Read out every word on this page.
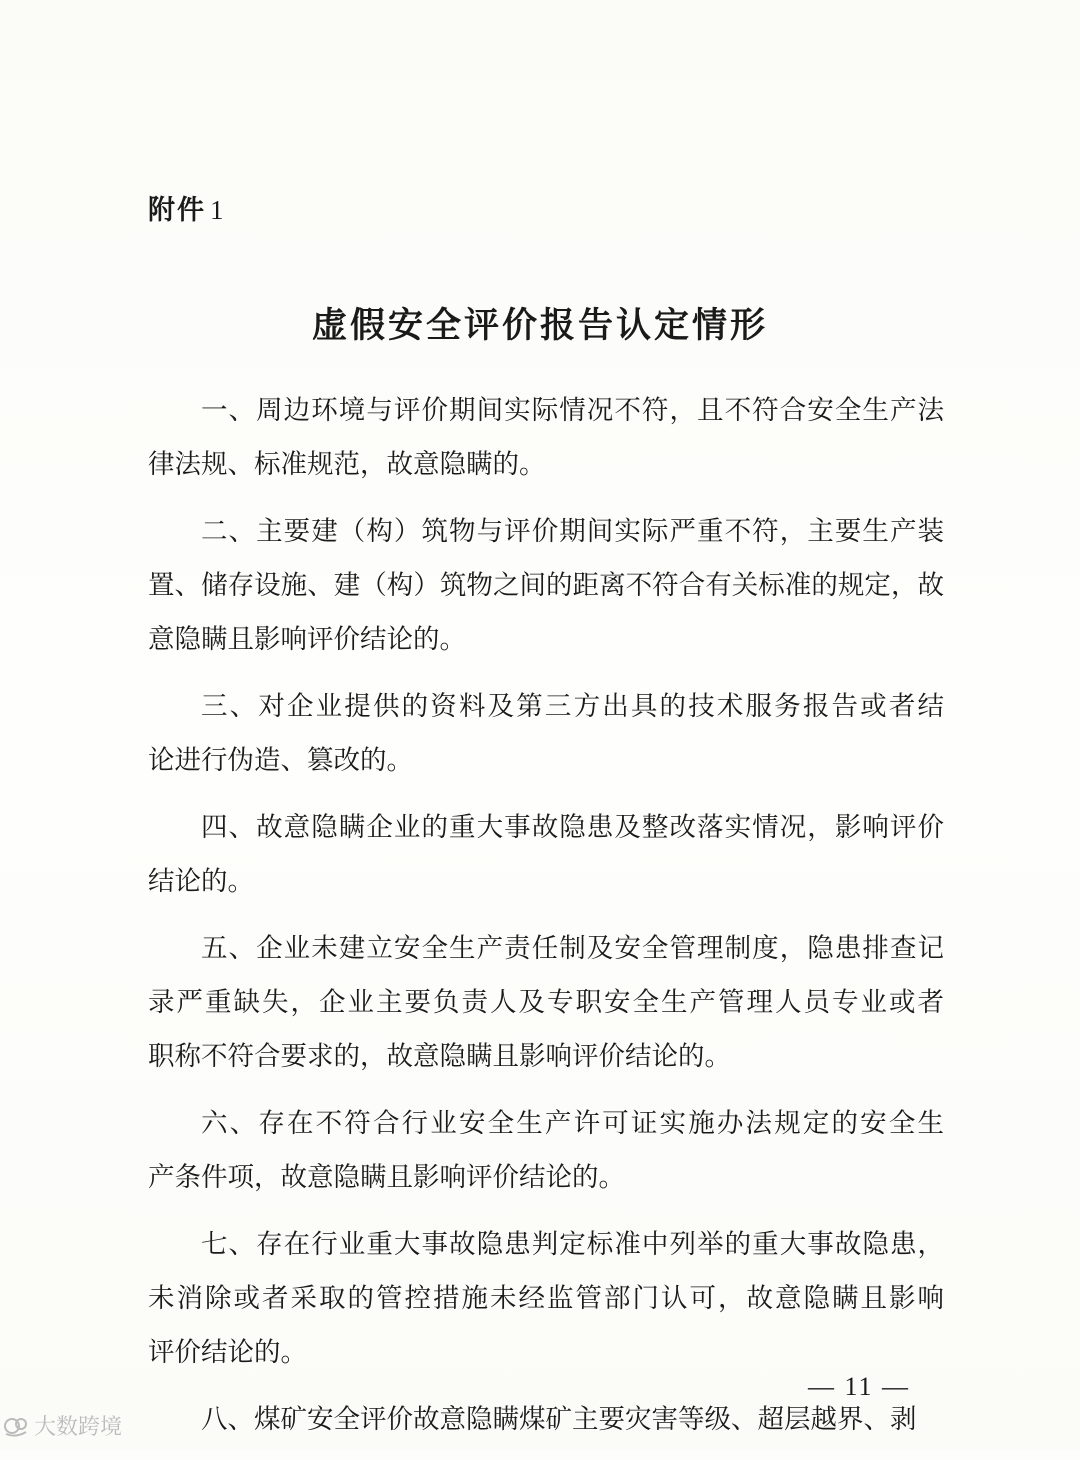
附件 1
虚假安全评价报告认定情形
一、周边环境与评价期间实际情况不符，且不符合安全生产法
律法规、标准规范，故意隐瞒的。
二、主要建（构）筑物与评价期间实际严重不符，主要生产装
置、储存设施、建（构）筑物之间的距离不符合有关标准的规定，故
意隐瞒且影响评价结论的。
三、对企业提供的资料及第三方出具的技术服务报告或者结
论进行伪造、篡改的。
四、故意隐瞒企业的重大事故隐患及整改落实情况，影响评价
结论的。
五、企业未建立安全生产责任制及安全管理制度，隐患排查记
录严重缺失，企业主要负责人及专职安全生产管理人员专业或者
职称不符合要求的，故意隐瞒且影响评价结论的。
六、存在不符合行业安全生产许可证实施办法规定的安全生
产条件项，故意隐瞒且影响评价结论的。
七、存在行业重大事故隐患判定标准中列举的重大事故隐患，
未消除或者采取的管控措施未经监管部门认可，故意隐瞒且影响
评价结论的。
八、煤矿安全评价故意隐瞒煤矿主要灾害等级、超层越界、剥
— 11 —
大数跨境
